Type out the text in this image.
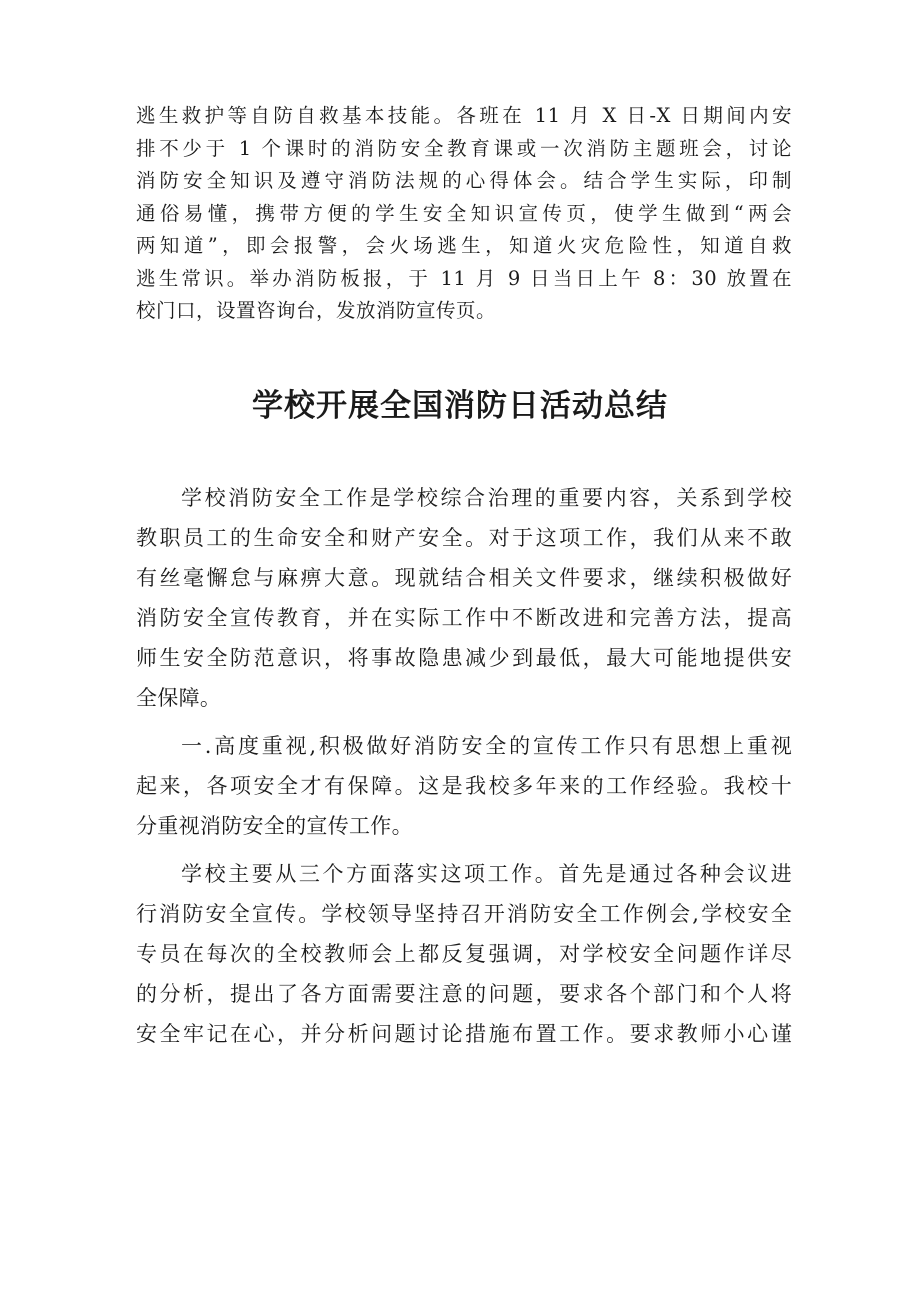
逃生救护等自防自救基本技能。各班在 11 月 X 日-X 日期间内安
排不少于 1 个课时的消防安全教育课或一次消防主题班会，讨论
消防安全知识及遵守消防法规的心得体会。结合学生实际，印制
通俗易懂，携带方便的学生安全知识宣传页，使学生做到“两会
两知道”，即会报警，会火场逃生，知道火灾危险性，知道自救
逃生常识。举办消防板报，于 11 月 9 日当日上午 8：30 放置在
校门口，设置咨询台，发放消防宣传页。
学校开展全国消防日活动总结
学校消防安全工作是学校综合治理的重要内容，关系到学校
教职员工的生命安全和财产安全。对于这项工作，我们从来不敢
有丝毫懈怠与麻痹大意。现就结合相关文件要求，继续积极做好
消防安全宣传教育，并在实际工作中不断改进和完善方法，提高
师生安全防范意识，将事故隐患减少到最低，最大可能地提供安
全保障。
一.高度重视,积极做好消防安全的宣传工作只有思想上重视
起来，各项安全才有保障。这是我校多年来的工作经验。我校十
分重视消防安全的宣传工作。
学校主要从三个方面落实这项工作。首先是通过各种会议进
行消防安全宣传。学校领导坚持召开消防安全工作例会,学校安全
专员在每次的全校教师会上都反复强调，对学校安全问题作详尽
的分析，提出了各方面需要注意的问题，要求各个部门和个人将
安全牢记在心，并分析问题讨论措施布置工作。要求教师小心谨
